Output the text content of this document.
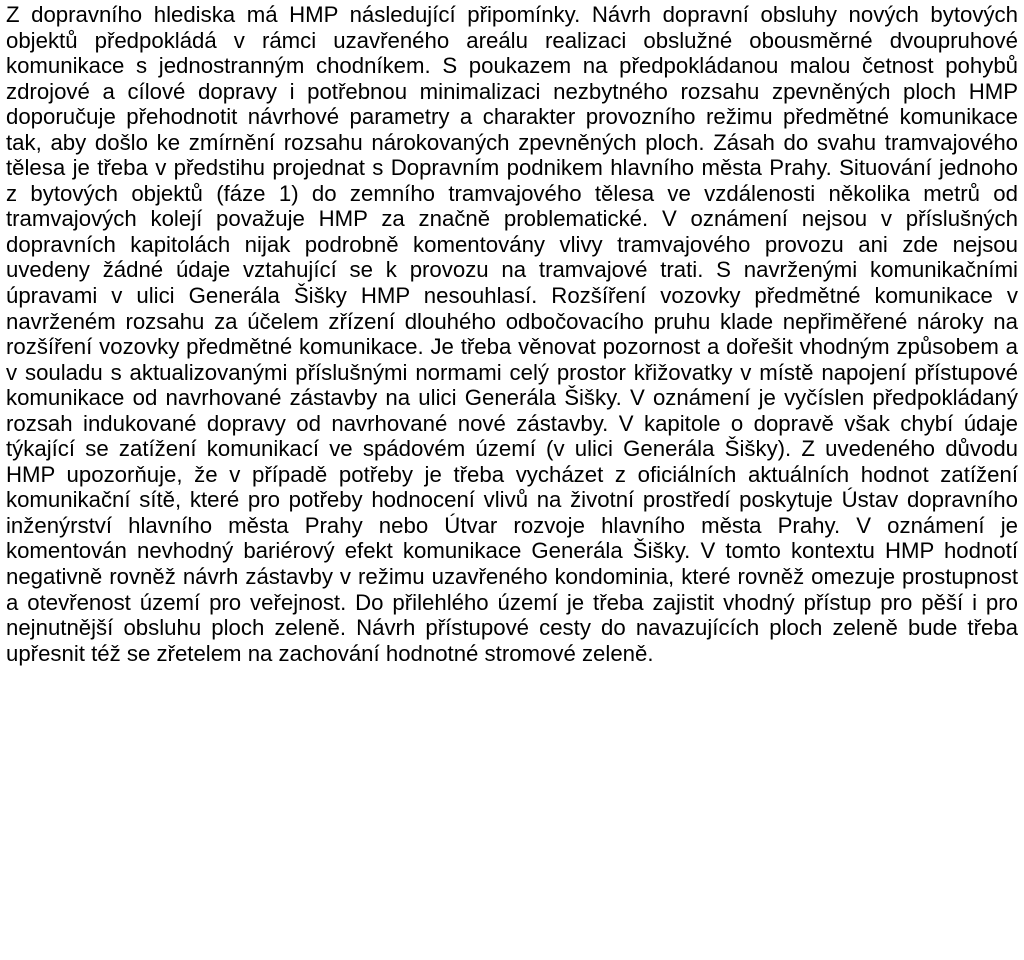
Z dopravního hlediska má HMP následující připomínky. Návrh dopravní obsluhy nových bytových objektů předpokládá v rámci uzavřeného areálu realizaci obslužné obousměrné dvoupruhové komunikace s jednostranným chodníkem. S poukazem na předpokládanou malou četnost pohybů zdrojové a cílové dopravy i potřebnou minimalizaci nezbytného rozsahu zpevněných ploch HMP doporučuje přehodnotit návrhové parametry a charakter provozního režimu předmětné komunikace tak, aby došlo ke zmírnění rozsahu nárokovaných zpevněných ploch. Zásah do svahu tramvajového tělesa je třeba v předstihu projednat s Dopravním podnikem hlavního města Prahy. Situování jednoho z bytových objektů (fáze 1) do zemního tramvajového tělesa ve vzdálenosti několika metrů od tramvajových kolejí považuje HMP za značně problematické. V oznámení nejsou v příslušných dopravních kapitolách nijak podrobně komentovány vlivy tramvajového provozu ani zde nejsou uvedeny žádné údaje vztahující se k provozu na tramvajové trati. S navrženými komunikačními úpravami v ulici Generála Šišky HMP nesouhlasí. Rozšíření vozovky předmětné komunikace v navrženém rozsahu za účelem zřízení dlouhého odbočovacího pruhu klade nepřiměřené nároky na rozšíření vozovky předmětné komunikace. Je třeba věnovat pozornost a dořešit vhodným způsobem a v souladu s aktualizovanými příslušnými normami celý prostor křižovatky v místě napojení přístupové komunikace od navrhované zástavby na ulici Generála Šišky. V oznámení je vyčíslen předpokládaný rozsah indukované dopravy od navrhované nové zástavby. V kapitole o dopravě však chybí údaje týkající se zatížení komunikací ve spádovém území (v ulici Generála Šišky). Z uvedeného důvodu HMP upozorňuje, že v případě potřeby je třeba vycházet z oficiálních aktuálních hodnot zatížení komunikační sítě, které pro potřeby hodnocení vlivů na životní prostředí poskytuje Ústav dopravního inženýrství hlavního města Prahy nebo Útvar rozvoje hlavního města Prahy. V oznámení je komentován nevhodný bariérový efekt komunikace Generála Šišky. V tomto kontextu HMP hodnotí negativně rovněž návrh zástavby v režimu uzavřeného kondominia, které rovněž omezuje prostupnost a otevřenost území pro veřejnost. Do přilehlého území je třeba zajistit vhodný přístup pro pěší i pro nejnutnější obsluhu ploch zeleně. Návrh přístupové cesty do navazujících ploch zeleně bude třeba upřesnit též se zřetelem na zachování hodnotné stromové zeleně.
